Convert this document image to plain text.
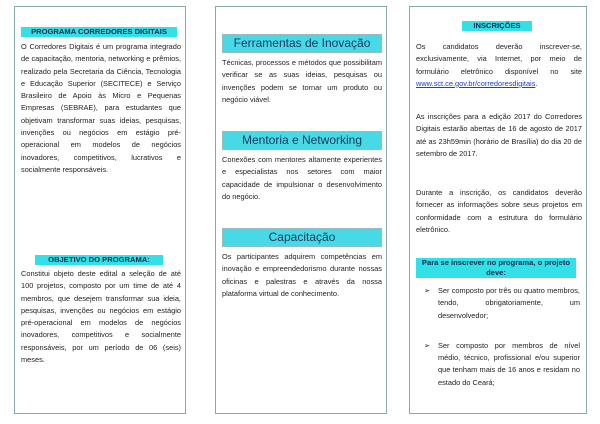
PROGRAMA CORREDORES DIGITAIS
O Corredores Digitais é um programa integrado de capacitação, mentoria, networking e prêmios, realizado pela Secretaria da Ciência, Tecnologia e Educação Superior (SECITECE) e Serviço Brasileiro de Apoio às Micro e Pequenas Empresas (SEBRAE), para estudantes que objetivam transformar suas ideias, pesquisas, invenções ou negócios em estágio pré-operacional em modelos de negócios inovadores, competitivos, lucrativos e socialmente responsáveis.
OBJETIVO DO PROGRAMA:
Constitui objeto deste edital a seleção de até 100 projetos, composto por um time de até 4 membros, que desejem transformar sua ideia, pesquisas, invenções ou negócios em estágio pré-operacional em modelos de negócios inovadores, competitivos e socialmente responsáveis, por um período de 06 (seis) meses.
Ferramentas de Inovação
Técnicas, processos e métodos que possibilitam verificar se as suas ideias, pesquisas ou invenções podem se tornar um produto ou negócio viável.
Mentoria e Networking
Conexões com mentores altamente experientes e especialistas nos setores com maior capacidade de impulsionar o desenvolvimento do negócio.
Capacitação
Os participantes adquirem competências em inovação e empreendedorismo durante nossas oficinas e palestras e através da nossa plataforma virtual de conhecimento.
INSCRIÇÕES
Os candidatos deverão inscrever-se, exclusivamente, via Internet, por meio de formulário eletrônico disponível no site www.sct.ce.gov.br/corredoresdigitais.
As inscrições para a edição 2017 do Corredores Digitais estarão abertas de 16 de agosto de 2017 até as 23h59min (horário de Brasília) do dia 20 de setembro de 2017.
Durante a inscrição, os candidatos deverão fornecer as informações sobre seus projetos em conformidade com a estrutura do formulário eletrônico.
Para se inscrever no programa, o projeto deve:
➢	Ser composto por três ou quatro membros, tendo, obrigatoriamente, um desenvolvedor;
➢	Ser composto por membros de nível médio, técnico, profissional e/ou superior que tenham mais de 16 anos e residam no estado do Ceará;
